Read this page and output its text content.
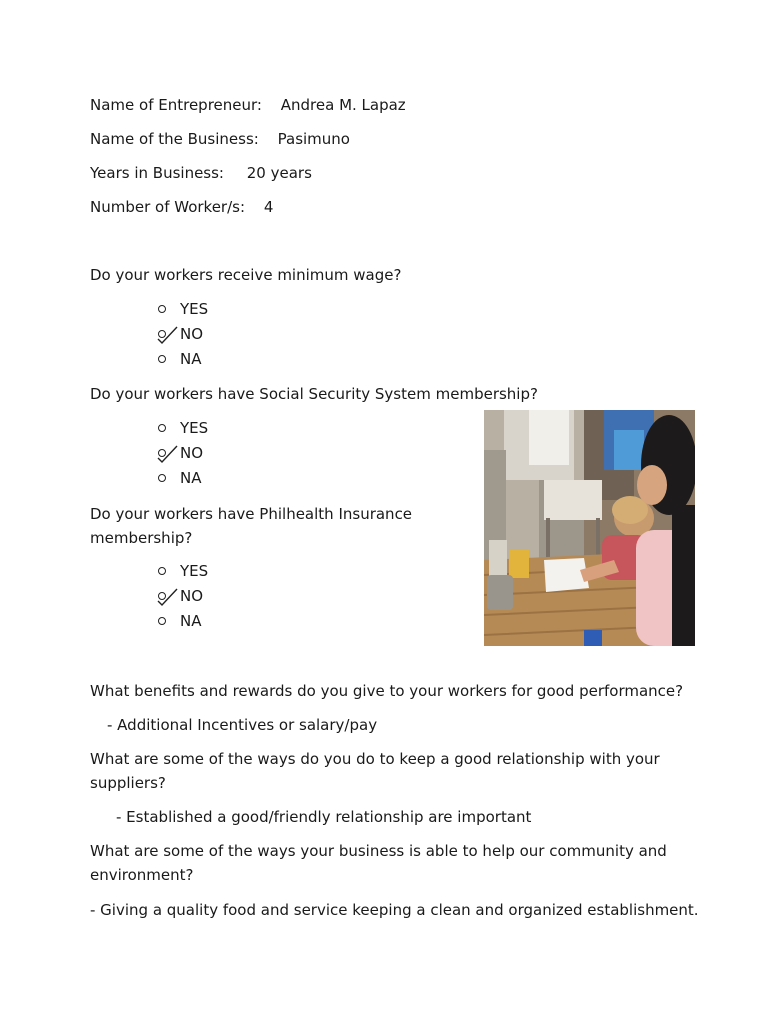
Name of Entrepreneur: Andrea M. Lapaz
Name of the Business: Pasimuno
Years in Business: 20 years
Number of Worker/s: 4
Do your workers receive minimum wage?
YES
NO
NA
Do your workers have Social Security System membership?
YES
NO
NA
Do your workers have Philhealth Insurance
membership?
YES
NO
NA
What benefits and rewards do you give to your workers for good performance?
- Additional Incentives or salary/pay
What are some of the ways do you do to keep a good relationship with your
suppliers?
- Established a good/friendly relationship are important
What are some of the ways your business is able to help our community and
environment?
- Giving a quality food and service keeping a clean and organized establishment.
